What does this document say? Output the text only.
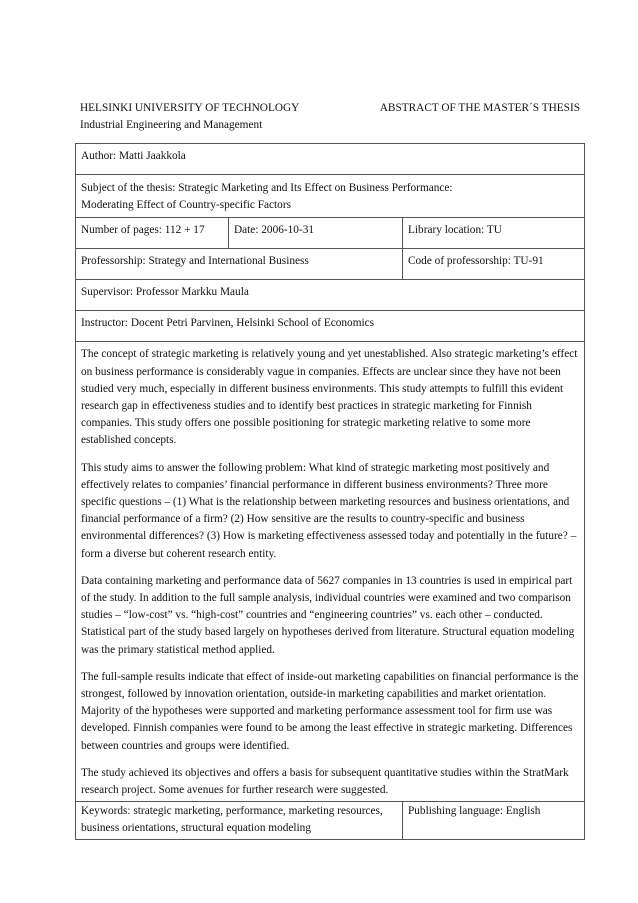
HELSINKI UNIVERSITY OF TECHNOLOGY	ABSTRACT OF THE MASTER´S THESIS
Industrial Engineering and Management
Author: Matti Jaakkola		

Subject of the thesis: Strategic Marketing and Its Effect on Business Performance:
Moderating Effect of Country-specific Factors		

Number of pages: 112 + 17	Date: 2006-10-31	Library location: TU
Professorship: Strategy and International Business		Code of professorship: TU-91
Supervisor: Professor Markku Maula		
Instructor: Docent Petri Parvinen, Helsinki School of Economics		

The concept of strategic marketing is relatively young and yet unestablished. Also strategic marketing’s effect on business performance is considerably vague in companies. Effects are unclear since they have not been studied very much, especially in different business environments. This study attempts to fulfill this evident research gap in effectiveness studies and to identify best practices in strategic marketing for Finnish companies. This study offers one possible positioning for strategic marketing relative to some more established concepts.

This study aims to answer the following problem: What kind of strategic marketing most positively and effectively relates to companies’ financial performance in different business environments? Three more specific questions – (1) What is the relationship between marketing resources and business orientations, and financial performance of a firm? (2) How sensitive are the results to country-specific and business environmental differences? (3) How is marketing effectiveness assessed today and potentially in the future? – form a diverse but coherent research entity.

Data containing marketing and performance data of 5627 companies in 13 countries is used in empirical part of the study. In addition to the full sample analysis, individual countries were examined and two comparison studies – “low-cost” vs. “high-cost” countries and “engineering countries” vs. each other – conducted. Statistical part of the study based largely on hypotheses derived from literature. Structural equation modeling was the primary statistical method applied.

The full-sample results indicate that effect of inside-out marketing capabilities on financial performance is the strongest, followed by innovation orientation, outside-in marketing capabilities and market orientation. Majority of the hypotheses were supported and marketing performance assessment tool for firm use was developed. Finnish companies were found to be among the least effective in strategic marketing. Differences between countries and groups were identified.

The study achieved its objectives and offers a basis for subsequent quantitative studies within the StratMark research project. Some avenues for further research were suggested.		

Keywords: strategic marketing, performance, marketing resources, business orientations, structural equation modeling		Publishing language: English
